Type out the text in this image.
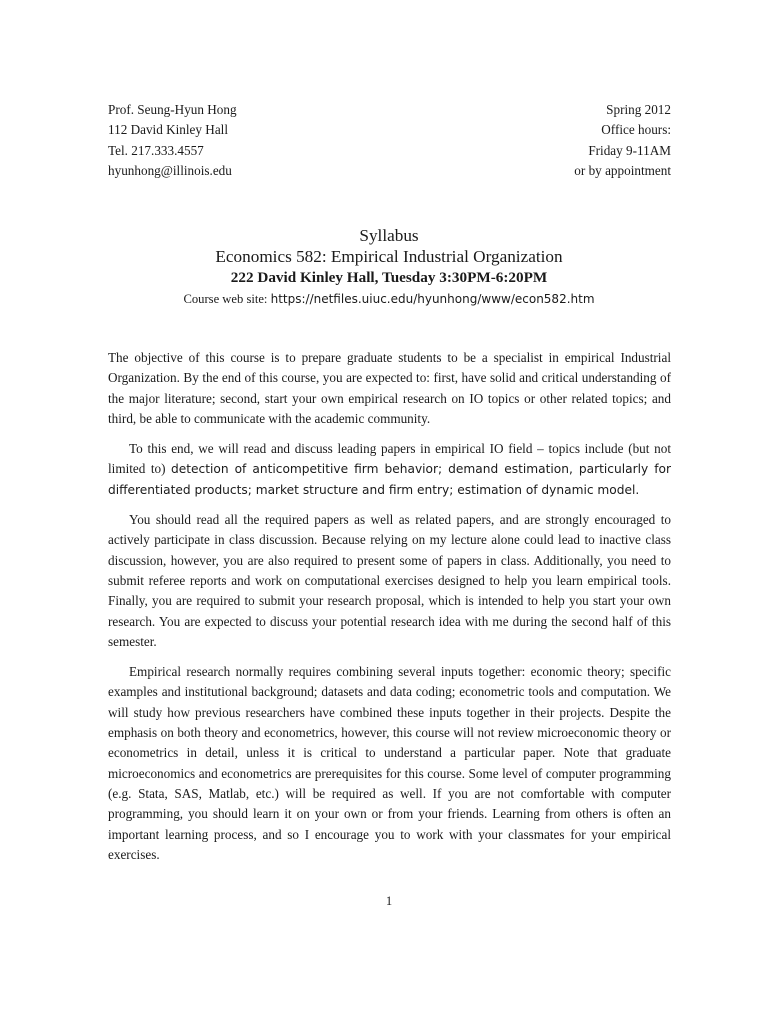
Prof. Seung-Hyun Hong
112 David Kinley Hall
Tel. 217.333.4557
hyunhong@illinois.edu
Spring 2012
Office hours:
Friday 9-11AM
or by appointment
Syllabus
Economics 582: Empirical Industrial Organization
222 David Kinley Hall, Tuesday 3:30PM-6:20PM
Course web site: https://netfiles.uiuc.edu/hyunhong/www/econ582.htm

The objective of this course is to prepare graduate students to be a specialist in empirical Industrial Organization. By the end of this course, you are expected to: first, have solid and critical understanding of the major literature; second, start your own empirical research on IO topics or other related topics; and third, be able to communicate with the academic community.

To this end, we will read and discuss leading papers in empirical IO field – topics include (but not limited to) detection of anticompetitive firm behavior; demand estimation, particularly for differentiated products; market structure and firm entry; estimation of dynamic model.

You should read all the required papers as well as related papers, and are strongly encouraged to actively participate in class discussion. Because relying on my lecture alone could lead to inactive class discussion, however, you are also required to present some of papers in class. Additionally, you need to submit referee reports and work on computational exercises designed to help you learn empirical tools. Finally, you are required to submit your research proposal, which is intended to help you start your own research. You are expected to discuss your potential research idea with me during the second half of this semester.

Empirical research normally requires combining several inputs together: economic theory; specific examples and institutional background; datasets and data coding; econometric tools and computation. We will study how previous researchers have combined these inputs together in their projects. Despite the emphasis on both theory and econometrics, however, this course will not review microeconomic theory or econometrics in detail, unless it is critical to understand a particular paper. Note that graduate microeconomics and econometrics are prerequisites for this course. Some level of computer programming (e.g. Stata, SAS, Matlab, etc.) will be required as well. If you are not comfortable with computer programming, you should learn it on your own or from your friends. Learning from others is often an important learning process, and so I encourage you to work with your classmates for your empirical exercises.

1
